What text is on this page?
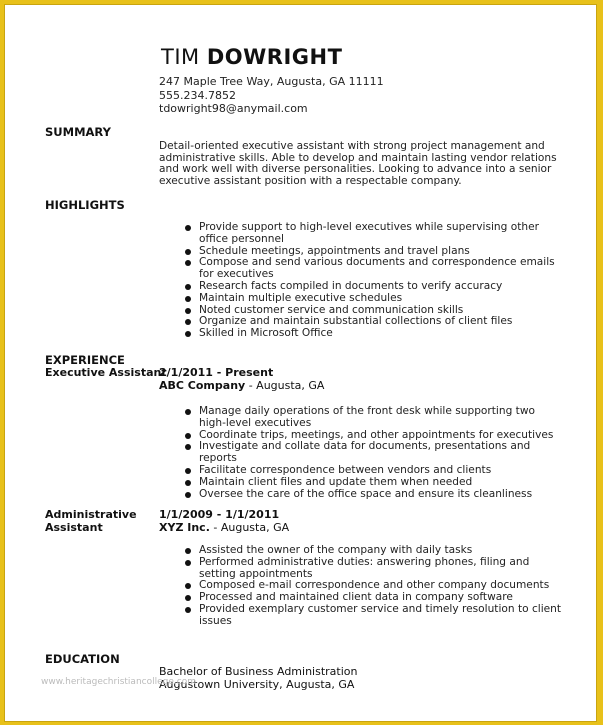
TIM DOWRIGHT
247 Maple Tree Way, Augusta, GA 11111
555.234.7852
tdowright98@anymail.com
SUMMARY
Detail-oriented executive assistant with strong project management and administrative skills. Able to develop and maintain lasting vendor relations and work well with diverse personalities. Looking to advance into a senior executive assistant position with a respectable company.
HIGHLIGHTS
Provide support to high-level executives while supervising other office personnel
Schedule meetings, appointments and travel plans
Compose and send various documents and correspondence emails for executives
Research facts compiled in documents to verify accuracy
Maintain multiple executive schedules
Noted customer service and communication skills
Organize and maintain substantial collections of client files
Skilled in Microsoft Office
EXPERIENCE
Executive Assistant
2/1/2011 - Present
ABC Company - Augusta, GA
Manage daily operations of the front desk while supporting two high-level executives
Coordinate trips, meetings, and other appointments for executives
Investigate and collate data for documents, presentations and reports
Facilitate correspondence between vendors and clients
Maintain client files and update them when needed
Oversee the care of the office space and ensure its cleanliness
Administrative
Assistant
1/1/2009 - 1/1/2011
XYZ Inc. - Augusta, GA
Assisted the owner of the company with daily tasks
Performed administrative duties: answering phones, filing and setting appointments
Composed e-mail correspondence and other company documents
Processed and maintained client data in company software
Provided exemplary customer service and timely resolution to client issues
EDUCATION
Bachelor of Business Administration
Augustown University, Augusta, GA
www.heritagechristiancollege.com
